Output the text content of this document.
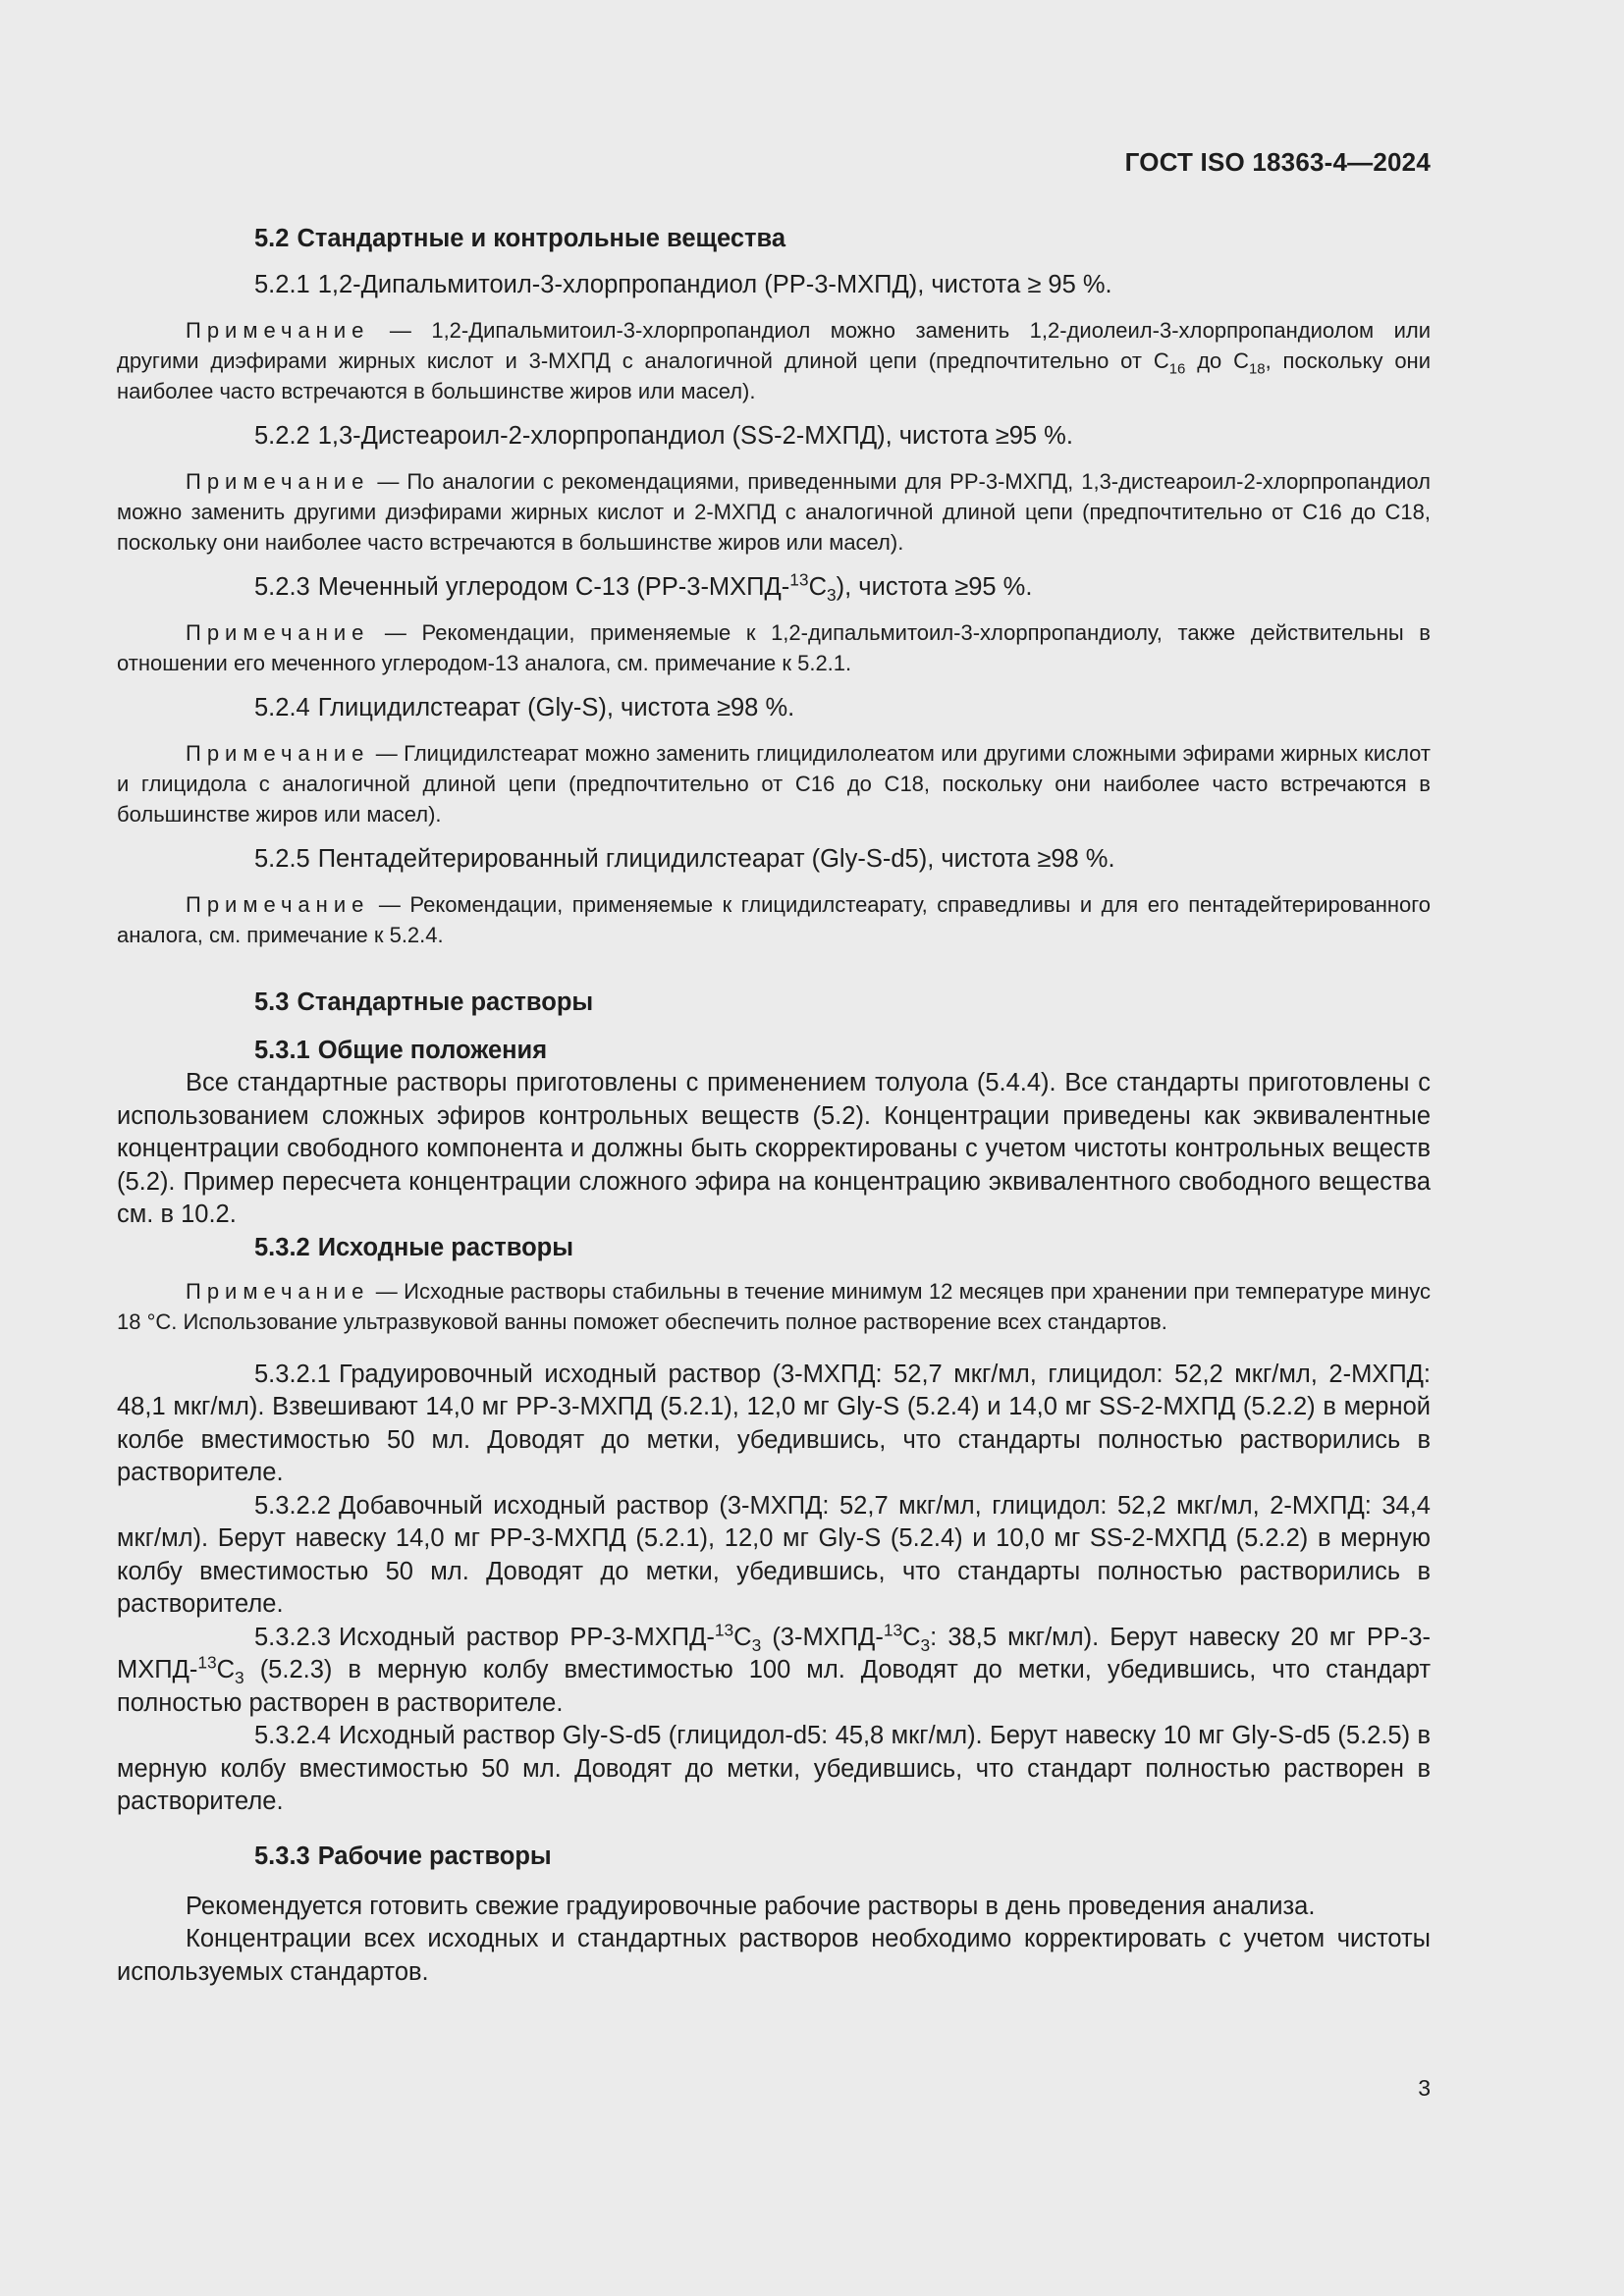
ГОСТ ISO 18363-4—2024

5.2 Стандартные и контрольные вещества

5.2.1 1,2-Дипальмитоил-3-хлорпропандиол (PP-3-МХПД), чистота ≥ 95 %.

Примечание — 1,2-Дипальмитоил-3-хлорпропандиол можно заменить 1,2-диолеил-3-хлорпропандиолом или другими диэфирами жирных кислот и 3-МХПД с аналогичной длиной цепи (предпочтительно от $C_{16}$ до $C_{18}$, поскольку они наиболее часто встречаются в большинстве жиров или масел).

5.2.2 1,3-Дистеароил-2-хлорпропандиол (SS-2-МХПД), чистота ≥95 %.

Примечание — По аналогии с рекомендациями, приведенными для PP-3-МХПД, 1,3-дистеароил-2-хлорпропандиол можно заменить другими диэфирами жирных кислот и 2-МХПД с аналогичной длиной цепи (предпочтительно от C16 до C18, поскольку они наиболее часто встречаются в большинстве жиров или масел).

5.2.3 Меченный углеродом С-13 $(PP-3-МХПД-^{13}C_3)$, чистота ≥95 %.

Примечание — Рекомендации, применяемые к 1,2-дипальмитоил-3-хлорпропандиолу, также действительны в отношении его меченного углеродом-13 аналога, см. примечание к 5.2.1.

5.2.4 Глицидилстеарат (Gly-S), чистота ≥98 %.

Примечание — Глицидилстеарат можно заменить глицидилолеатом или другими сложными эфирами жирных кислот и глицидола с аналогичной длиной цепи (предпочтительно от C16 до C18, поскольку они наиболее часто встречаются в большинстве жиров или масел).

5.2.5 Пентадейтерированный глицидилстеарат (Gly-S-d5), чистота ≥98 %.

Примечание — Рекомендации, применяемые к глицидилстеарату, справедливы и для его пентадейтерированного аналога, см. примечание к 5.2.4.

5.3 Стандартные растворы

5.3.1 Общие положения

Все стандартные растворы приготовлены с применением толуола (5.4.4). Все стандарты приготовлены с использованием сложных эфиров контрольных веществ (5.2). Концентрации приведены как эквивалентные концентрации свободного компонента и должны быть скорректированы с учетом чистоты контрольных веществ (5.2). Пример пересчета концентрации сложного эфира на концентрацию эквивалентного свободного вещества см. в 10.2.

5.3.2 Исходные растворы

Примечание — Исходные растворы стабильны в течение минимум 12 месяцев при хранении при температуре минус 18 °С. Использование ультразвуковой ванны поможет обеспечить полное растворение всех стандартов.

5.3.2.1 Градуировочный исходный раствор (3-МХПД: 52,7 мкг/мл, глицидол: 52,2 мкг/мл, 2-МХПД: 48,1 мкг/мл). Взвешивают 14,0 мг PP-3-МХПД (5.2.1), 12,0 мг Gly-S (5.2.4) и 14,0 мг SS-2-МХПД (5.2.2) в мерной колбе вместимостью 50 мл. Доводят до метки, убедившись, что стандарты полностью растворились в растворителе.

5.3.2.2 Добавочный исходный раствор (3-МХПД: 52,7 мкг/мл, глицидол: 52,2 мкг/мл, 2-МХПД: 34,4 мкг/мл). Берут навеску 14,0 мг PP-3-МХПД (5.2.1), 12,0 мг Gly-S (5.2.4) и 10,0 мг SS-2-МХПД (5.2.2) в мерную колбу вместимостью 50 мл. Доводят до метки, убедившись, что стандарты полностью растворились в растворителе.

5.3.2.3 Исходный раствор $PP-3-МХПД-^{13}C_3$ ($3-МХПД-^{13}C_3$: 38,5 мкг/мл). Берут навеску 20 мг $PP-3-МХПД-^{13}C_3$ (5.2.3) в мерную колбу вместимостью 100 мл. Доводят до метки, убедившись, что стандарт полностью растворен в растворителе.

5.3.2.4 Исходный раствор Gly-S-d5 (глицидол-d5: 45,8 мкг/мл). Берут навеску 10 мг Gly-S-d5 (5.2.5) в мерную колбу вместимостью 50 мл. Доводят до метки, убедившись, что стандарт полностью растворен в растворителе.

5.3.3 Рабочие растворы

Рекомендуется готовить свежие градуировочные рабочие растворы в день проведения анализа.

Концентрации всех исходных и стандартных растворов необходимо корректировать с учетом чистоты используемых стандартов.

3
